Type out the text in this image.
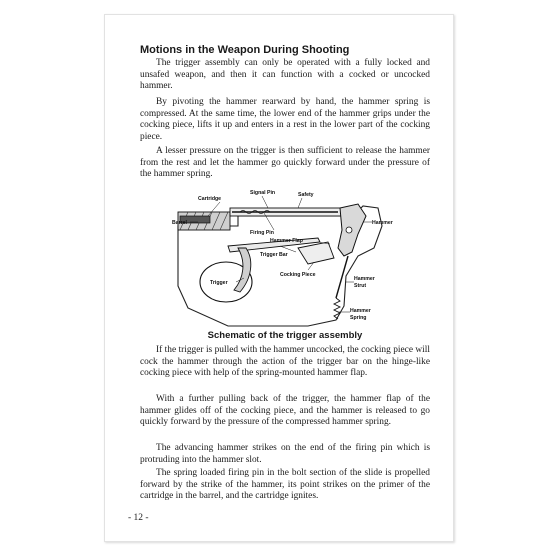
Motions in the Weapon During Shooting

The trigger assembly can only be operated with a fully locked and unsafed weapon, and then it can function with a cocked or uncocked hammer.

By pivoting the hammer rearward by hand, the hammer spring is compressed. At the same time, the lower end of the hammer grips under the cocking piece, lifts it up and enters in a rest in the lower part of the cocking piece.

A lesser pressure on the trigger is then sufficient to release the hammer from the rest and let the hammer go quickly forward under the pressure of the hammer spring.

Signal Pin	Safety
Cartridge
Barrel	Hammer
Firing Pin
Hammer Flap
Trigger Bar
Cocking Piece
Trigger
Hammer
Strut
Hammer
Spring
Schematic of the trigger assembly

If the trigger is pulled with the hammer uncocked, the cocking piece will cock the hammer through the action of the trigger bar on the hinge-like cocking piece with help of the spring-mounted hammer flap.

With a further pulling back of the trigger, the hammer flap of the hammer glides off of the cocking piece, and the hammer is released to go quickly forward by the pressure of the compressed hammer spring.

The advancing hammer strikes on the end of the firing pin which is protruding into the hammer slot.

The spring loaded firing pin in the bolt section of the slide is propelled forward by the strike of the hammer, its point strikes on the primer of the cartridge in the barrel, and the cartridge ignites.

- 12 -
